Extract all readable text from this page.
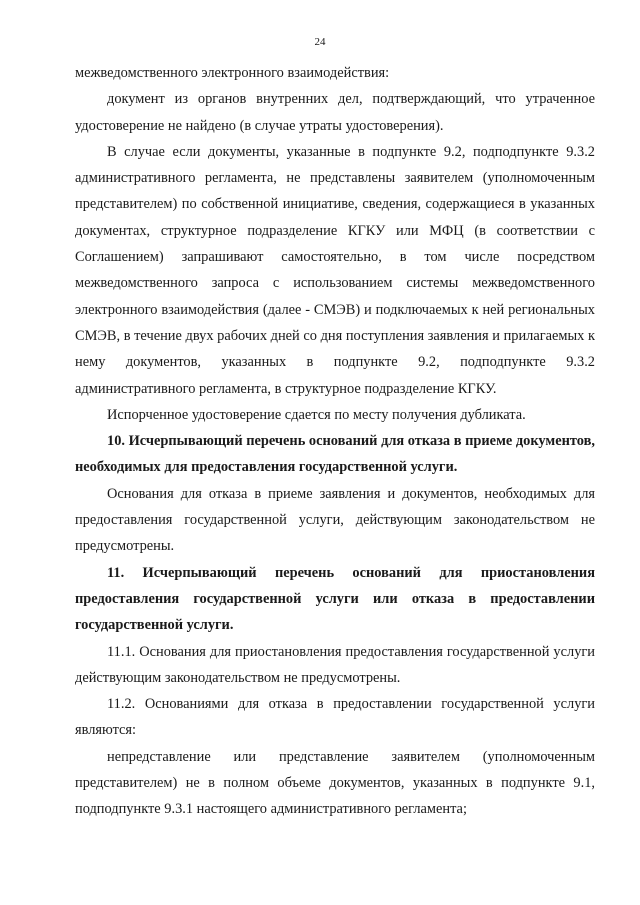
24

межведомственного электронного взаимодействия:

документ из органов внутренних дел, подтверждающий, что утраченное удостоверение не найдено (в случае утраты удостоверения).

В случае если документы, указанные в подпункте 9.2, подподпункте 9.3.2 административного регламента, не представлены заявителем (уполномоченным представителем) по собственной инициативе, сведения, содержащиеся в указанных документах, структурное подразделение КГКУ или МФЦ (в соответствии с Соглашением) запрашивают самостоятельно, в том числе посредством межведомственного запроса с использованием системы межведомственного электронного взаимодействия (далее - СМЭВ) и подключаемых к ней региональных СМЭВ, в течение двух рабочих дней со дня поступления заявления и прилагаемых к нему документов, указанных в подпункте 9.2, подподпункте 9.3.2 административного регламента, в структурное подразделение КГКУ.

Испорченное удостоверение сдается по месту получения дубликата.

10. Исчерпывающий перечень оснований для отказа в приеме документов, необходимых для предоставления государственной услуги.

Основания для отказа в приеме заявления и документов, необходимых для предоставления государственной услуги, действующим законодательством не предусмотрены.

11. Исчерпывающий перечень оснований для приостановления предоставления государственной услуги или отказа в предоставлении государственной услуги.

11.1. Основания для приостановления предоставления государственной услуги действующим законодательством не предусмотрены.

11.2. Основаниями для отказа в предоставлении государственной услуги являются:

непредставление или представление заявителем (уполномоченным представителем) не в полном объеме документов, указанных в подпункте 9.1, подподпункте 9.3.1 настоящего административного регламента;
